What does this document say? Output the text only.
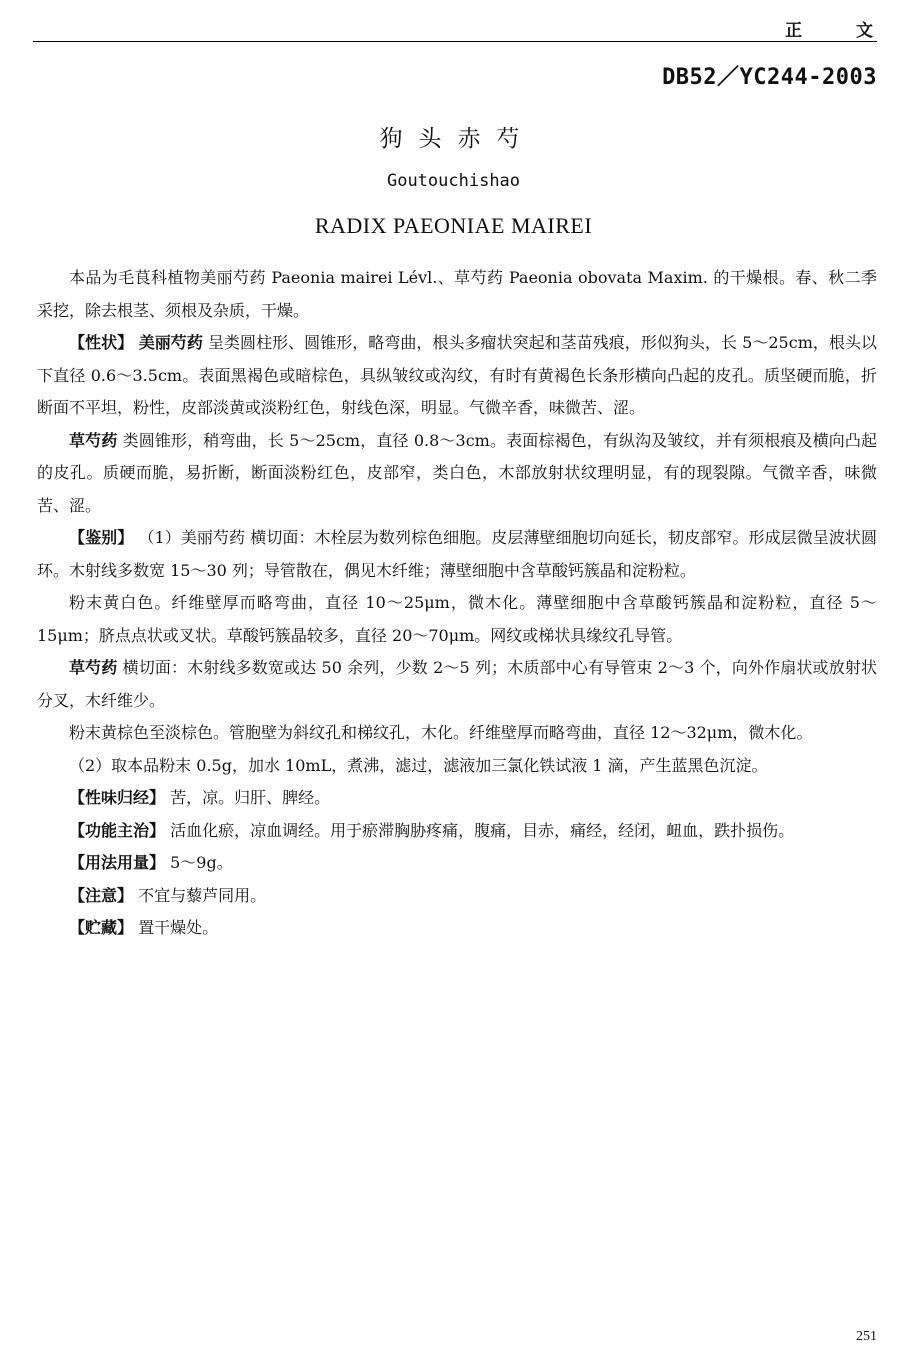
正 文
DB52／YC244-2003
狗头赤芍
Goutouchishao
RADIX PAEONIAE MAIREI

本品为毛茛科植物美丽芍药 Paeonia mairei Lévl.、草芍药 Paeonia obovata Maxim. 的干燥根。春、秋二季采挖，除去根茎、须根及杂质，干燥。

【性状】 美丽芍药 呈类圆柱形、圆锥形，略弯曲，根头多瘤状突起和茎苗残痕，形似狗头，长 5～25cm，根头以下直径 0.6～3.5cm。表面黑褐色或暗棕色，具纵皱纹或沟纹，有时有黄褐色长条形横向凸起的皮孔。质坚硬而脆，折断面不平坦，粉性，皮部淡黄或淡粉红色，射线色深，明显。气微辛香，味微苦、涩。

草芍药 类圆锥形，稍弯曲，长 5～25cm，直径 0.8～3cm。表面棕褐色，有纵沟及皱纹，并有须根痕及横向凸起的皮孔。质硬而脆，易折断，断面淡粉红色，皮部窄，类白色，木部放射状纹理明显，有的现裂隙。气微辛香，味微苦、涩。

【鉴别】 （1）美丽芍药 横切面：木栓层为数列棕色细胞。皮层薄壁细胞切向延长，韧皮部窄。形成层微呈波状圆环。木射线多数宽 15～30 列；导管散在，偶见木纤维；薄壁细胞中含草酸钙簇晶和淀粉粒。

粉末黄白色。纤维壁厚而略弯曲，直径 10～25μm，微木化。薄壁细胞中含草酸钙簇晶和淀粉粒，直径 5～15μm；脐点点状或叉状。草酸钙簇晶较多，直径 20～70μm。网纹或梯状具缘纹孔导管。

草芍药 横切面：木射线多数宽或达 50 余列，少数 2～5 列；木质部中心有导管束 2～3 个，向外作扇状或放射状分叉，木纤维少。

粉末黄棕色至淡棕色。管胞壁为斜纹孔和梯纹孔，木化。纤维壁厚而略弯曲，直径 12～32μm，微木化。

（2）取本品粉末 0.5g，加水 10mL，煮沸，滤过，滤液加三氯化铁试液 1 滴，产生蓝黑色沉淀。

【性味归经】 苦，凉。归肝、脾经。

【功能主治】 活血化瘀，凉血调经。用于瘀滞胸胁疼痛，腹痛，目赤，痛经，经闭，衄血，跌扑损伤。

【用法用量】 5～9g。

【注意】 不宜与藜芦同用。

【贮藏】 置干燥处。

251
